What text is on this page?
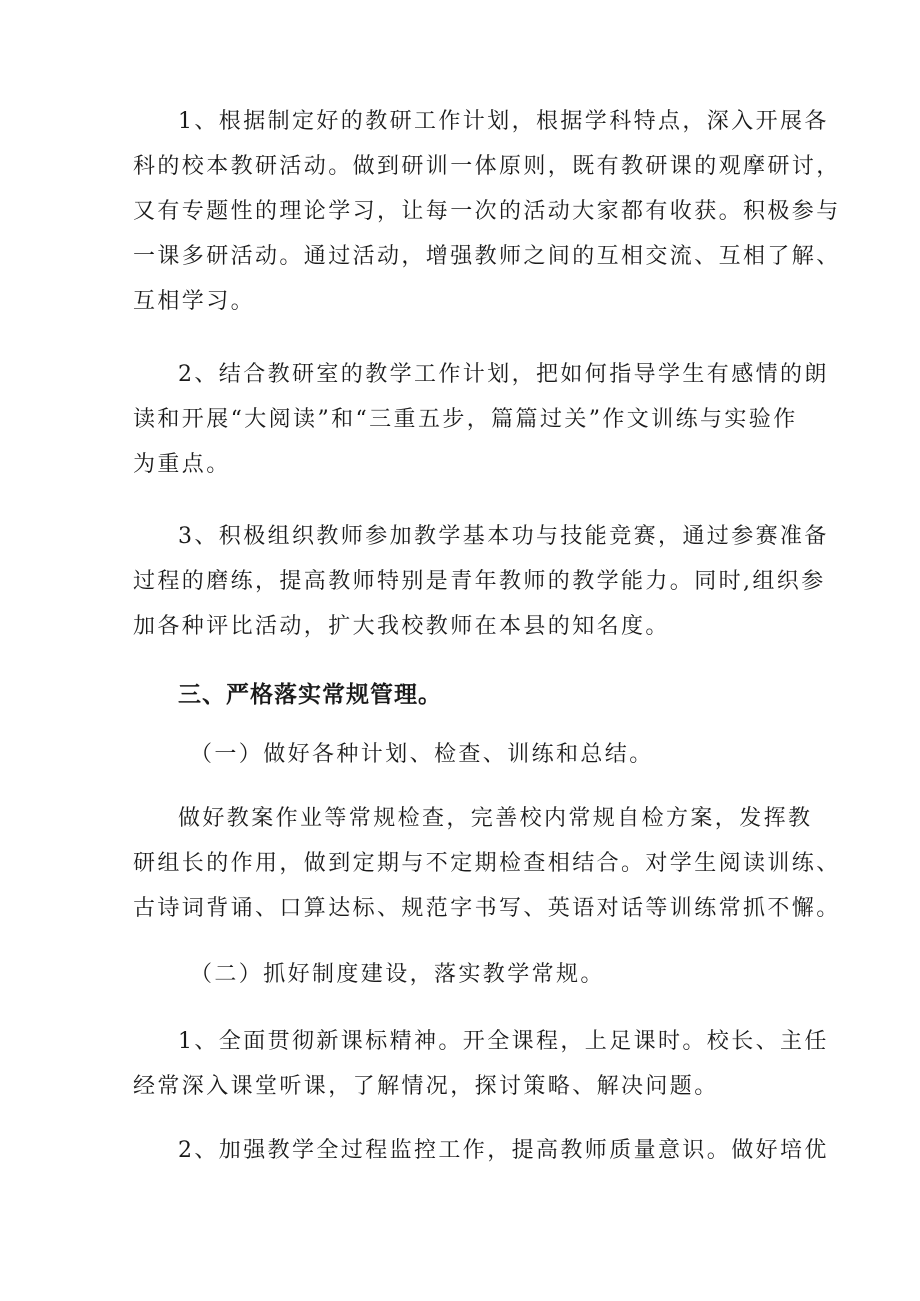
1、根据制定好的教研工作计划，根据学科特点，深入开展各
科的校本教研活动。做到研训一体原则，既有教研课的观摩研讨，
又有专题性的理论学习，让每一次的活动大家都有收获。积极参与
一课多研活动。通过活动，增强教师之间的互相交流、互相了解、
互相学习。
2、结合教研室的教学工作计划，把如何指导学生有感情的朗
读和开展“大阅读”和“三重五步，篇篇过关”作文训练与实验作
为重点。
3、积极组织教师参加教学基本功与技能竞赛，通过参赛准备
过程的磨练，提高教师特别是青年教师的教学能力。同时,组织参
加各种评比活动，扩大我校教师在本县的知名度。
三、严格落实常规管理。
（一）做好各种计划、检查、训练和总结。
做好教案作业等常规检查，完善校内常规自检方案，发挥教
研组长的作用，做到定期与不定期检查相结合。对学生阅读训练、
古诗词背诵、口算达标、规范字书写、英语对话等训练常抓不懈。
（二）抓好制度建设，落实教学常规。
1、全面贯彻新课标精神。开全课程，上足课时。校长、主任
经常深入课堂听课，了解情况，探讨策略、解决问题。
2、加强教学全过程监控工作，提高教师质量意识。做好培优
